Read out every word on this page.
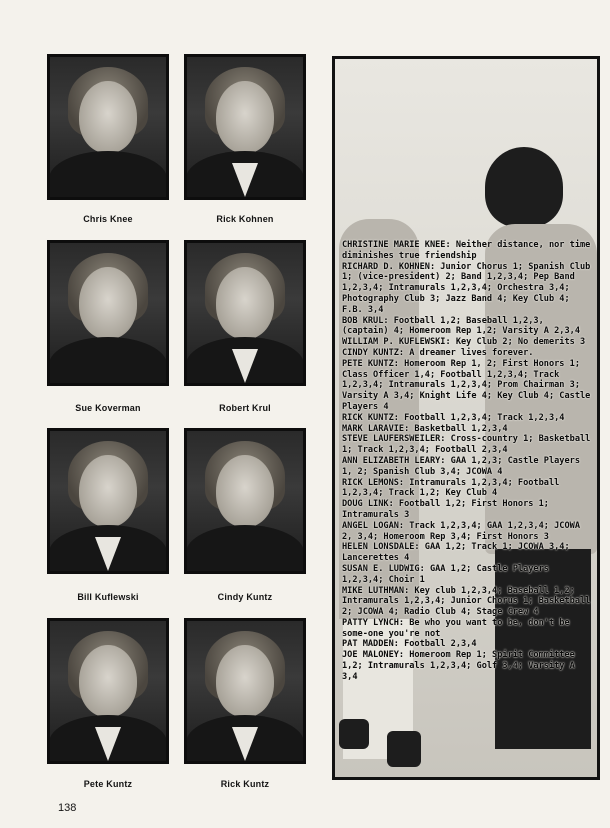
Chris Knee
Sue Koverman
Bill Kuflewski
Pete Kuntz
Rick Kohnen
Robert Krul
Cindy Kuntz
Rick Kuntz

CHRISTINE MARIE KNEE: Neither distance, nor time diminishes true friendship

RICHARD D. KOHNEN: Junior Chorus 1; Spanish Club 1; (vice-president) 2; Band 1,2,3,4; Pep Band 1,2,3,4; Intramurals 1,2,3,4; Orchestra 3,4; Photography Club 3; Jazz Band 4; Key Club 4; F.B. 3,4

BOB KRUL: Football 1,2; Baseball 1,2,3, (captain) 4; Homeroom Rep 1,2; Varsity A 2,3,4

WILLIAM P. KUFLEWSKI: Key Club 2; No demerits 3

CINDY KUNTZ: A dreamer lives forever.

PETE KUNTZ: Homeroom Rep 1, 2; First Honors 1; Class Officer 1,4; Football 1,2,3,4; Track 1,2,3,4; Intramurals 1,2,3,4; Prom Chairman 3; Varsity A 3,4; Knight Life 4; Key Club 4; Castle Players 4

RICK KUNTZ: Football 1,2,3,4; Track 1,2,3,4

MARK LARAVIE: Basketball 1,2,3,4

STEVE LAUFERSWEILER: Cross-country 1; Basketball 1; Track 1,2,3,4; Football 2,3,4

ANN ELIZABETH LEARY: GAA 1,2,3; Castle Players 1, 2; Spanish Club 3,4; JCOWA 4

RICK LEMONS: Intramurals 1,2,3,4; Football 1,2,3,4; Track 1,2; Key Club 4

DOUG LINK: Football 1,2; First Honors 1; Intramurals 3

ANGEL LOGAN: Track 1,2,3,4; GAA 1,2,3,4; JCOWA 2, 3,4; Homeroom Rep 3,4; First Honors 3

HELEN LONSDALE: GAA 1,2; Track 1; JCOWA 3,4; Lancerettes 4

SUSAN E. LUDWIG: GAA 1,2; Castle Players 1,2,3,4; Choir 1

MIKE LUTHMAN: Key club 1,2,3,4; Baseball 1,2; Intramurals 1,2,3,4; Junior Chorus 1; Basketball 2; JCOWA 4; Radio Club 4; Stage Crew 4

PATTY LYNCH: Be who you want to be, don't be some-one you're not

PAT MADDEN: Football 2,3,4

JOE MALONEY: Homeroom Rep 1; Spirit Committee 1,2; Intramurals 1,2,3,4; Golf 3,4; Varsity A 3,4

138
